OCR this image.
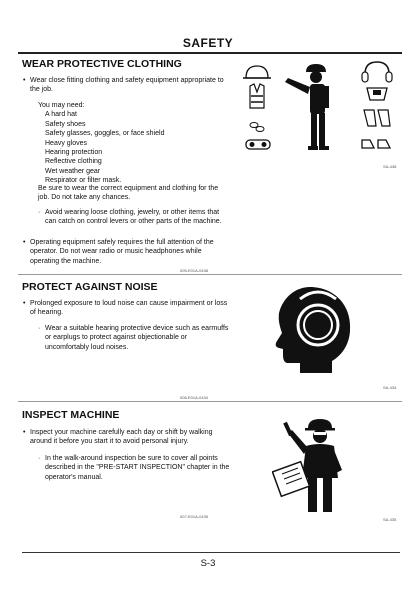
SAFETY
WEAR PROTECTIVE CLOTHING
• Wear close fitting clothing and safety equipment appropriate to the job.
You may need:
A hard hat
Safety shoes
Safety glasses, goggles, or face shield
Heavy gloves
Hearing protection
Reflective clothing
Wet weather gear
Respirator or filter mask.
Be sure to wear the correct equipment and clothing for the job. Do not take any chances.
· Avoid wearing loose clothing, jewelry, or other items that can catch on control levers or other parts of the machine.
• Operating equipment safely requires the full attention of the operator. Do not wear radio or music headphones while operating the machine.
005-E01A-0438
SA-438
PROTECT AGAINST NOISE
• Prolonged exposure to loud noise can cause impairment or loss of hearing.
· Wear a suitable hearing protective device such as earmuffs or earplugs to protect against objectionable or uncomfortably loud noises.
006-E01A-0434
SA-434
INSPECT MACHINE
• Inspect your machine carefully each day or shift by walking around it before you start it to avoid personal injury.
· In the walk-around inspection be sure to cover all points described in the "PRE-START INSPECTION" chapter in the operator's manual.
007-E01A-0435
SA-435
S-3
